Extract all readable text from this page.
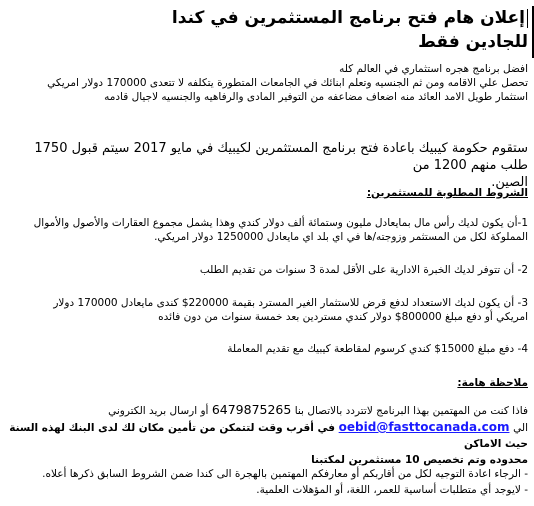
إعلان هام فتح برنامج المستثمرين في كندا
للجادين فقط
افضل برنامج هجره استثماري في العالم كله
تحصل علي الاقامه ومن ثم الجنسيه وتعلم ابنائك في الجامعات المتطورة يتكلفه لا تتعدى 170000 دولار امريكي
استثمار طويل الامد العائد منه اضعاف مضاعفه من التوفير المادى والرفاهيه والجنسيه لاجيال قادمه
ستقوم حكومة كيبيك باعادة فتح برنامج المستثمرين لكيبيك في مايو 2017 سيتم قبول 1750 طلب منهم 1200 من
الصين.
الشروط المطلوبة للمستثمرين:
1-أن يكون لديك رأس مال بمايعادل مليون وستمائة ألف دولار كندي وهذا يشمل مجموع العقارات والأصول والأموال
المملوكة لكل من المستثمر وزوجته/ها في اي بلد اي مايعادل 1250000 دولار امريكي.
2- أن تتوفر لديك الخبرة الادارية على الأقل لمدة 3 سنوات من تقديم الطلب
3- أن يكون لديك الاستعداد لدفع قرض للاستثمار الغير المسترد بقيمة 220000$ كندى مايعادل 170000 دولار
امريكي أو دفع مبلغ 800000$ دولار كندي مستردين بعد خمسة سنوات من دون فائده
4- دفع مبلغ 15000$ كندي كرسوم لمقاطعة كيبيك مع تقديم المعاملة
ملاحظة هامة:
فاذا كنت من المهتمين بهذا البرنامج لاتتردد بالاتصال بنا 6479875265 أو ارسال بريد الكتروني
الي oebid@fasttocanada.com في أقرب وقت لتتمكن من تأمين مكان لك لدى البنك لهذه السنة حيث الاماكن
محدوده وتم تخصيص 10 مستثمرين لمكتبنا
- الرجاء اعادة التوجيه لكل من أقاربكم أو معارفكم المهتمين بالهجرة الى كندا ضمن الشروط السابق ذكرها أعلاه.
- لايوجد أي متطلبات أساسية للعمر، اللغة، أو المؤهلات العلمية.
